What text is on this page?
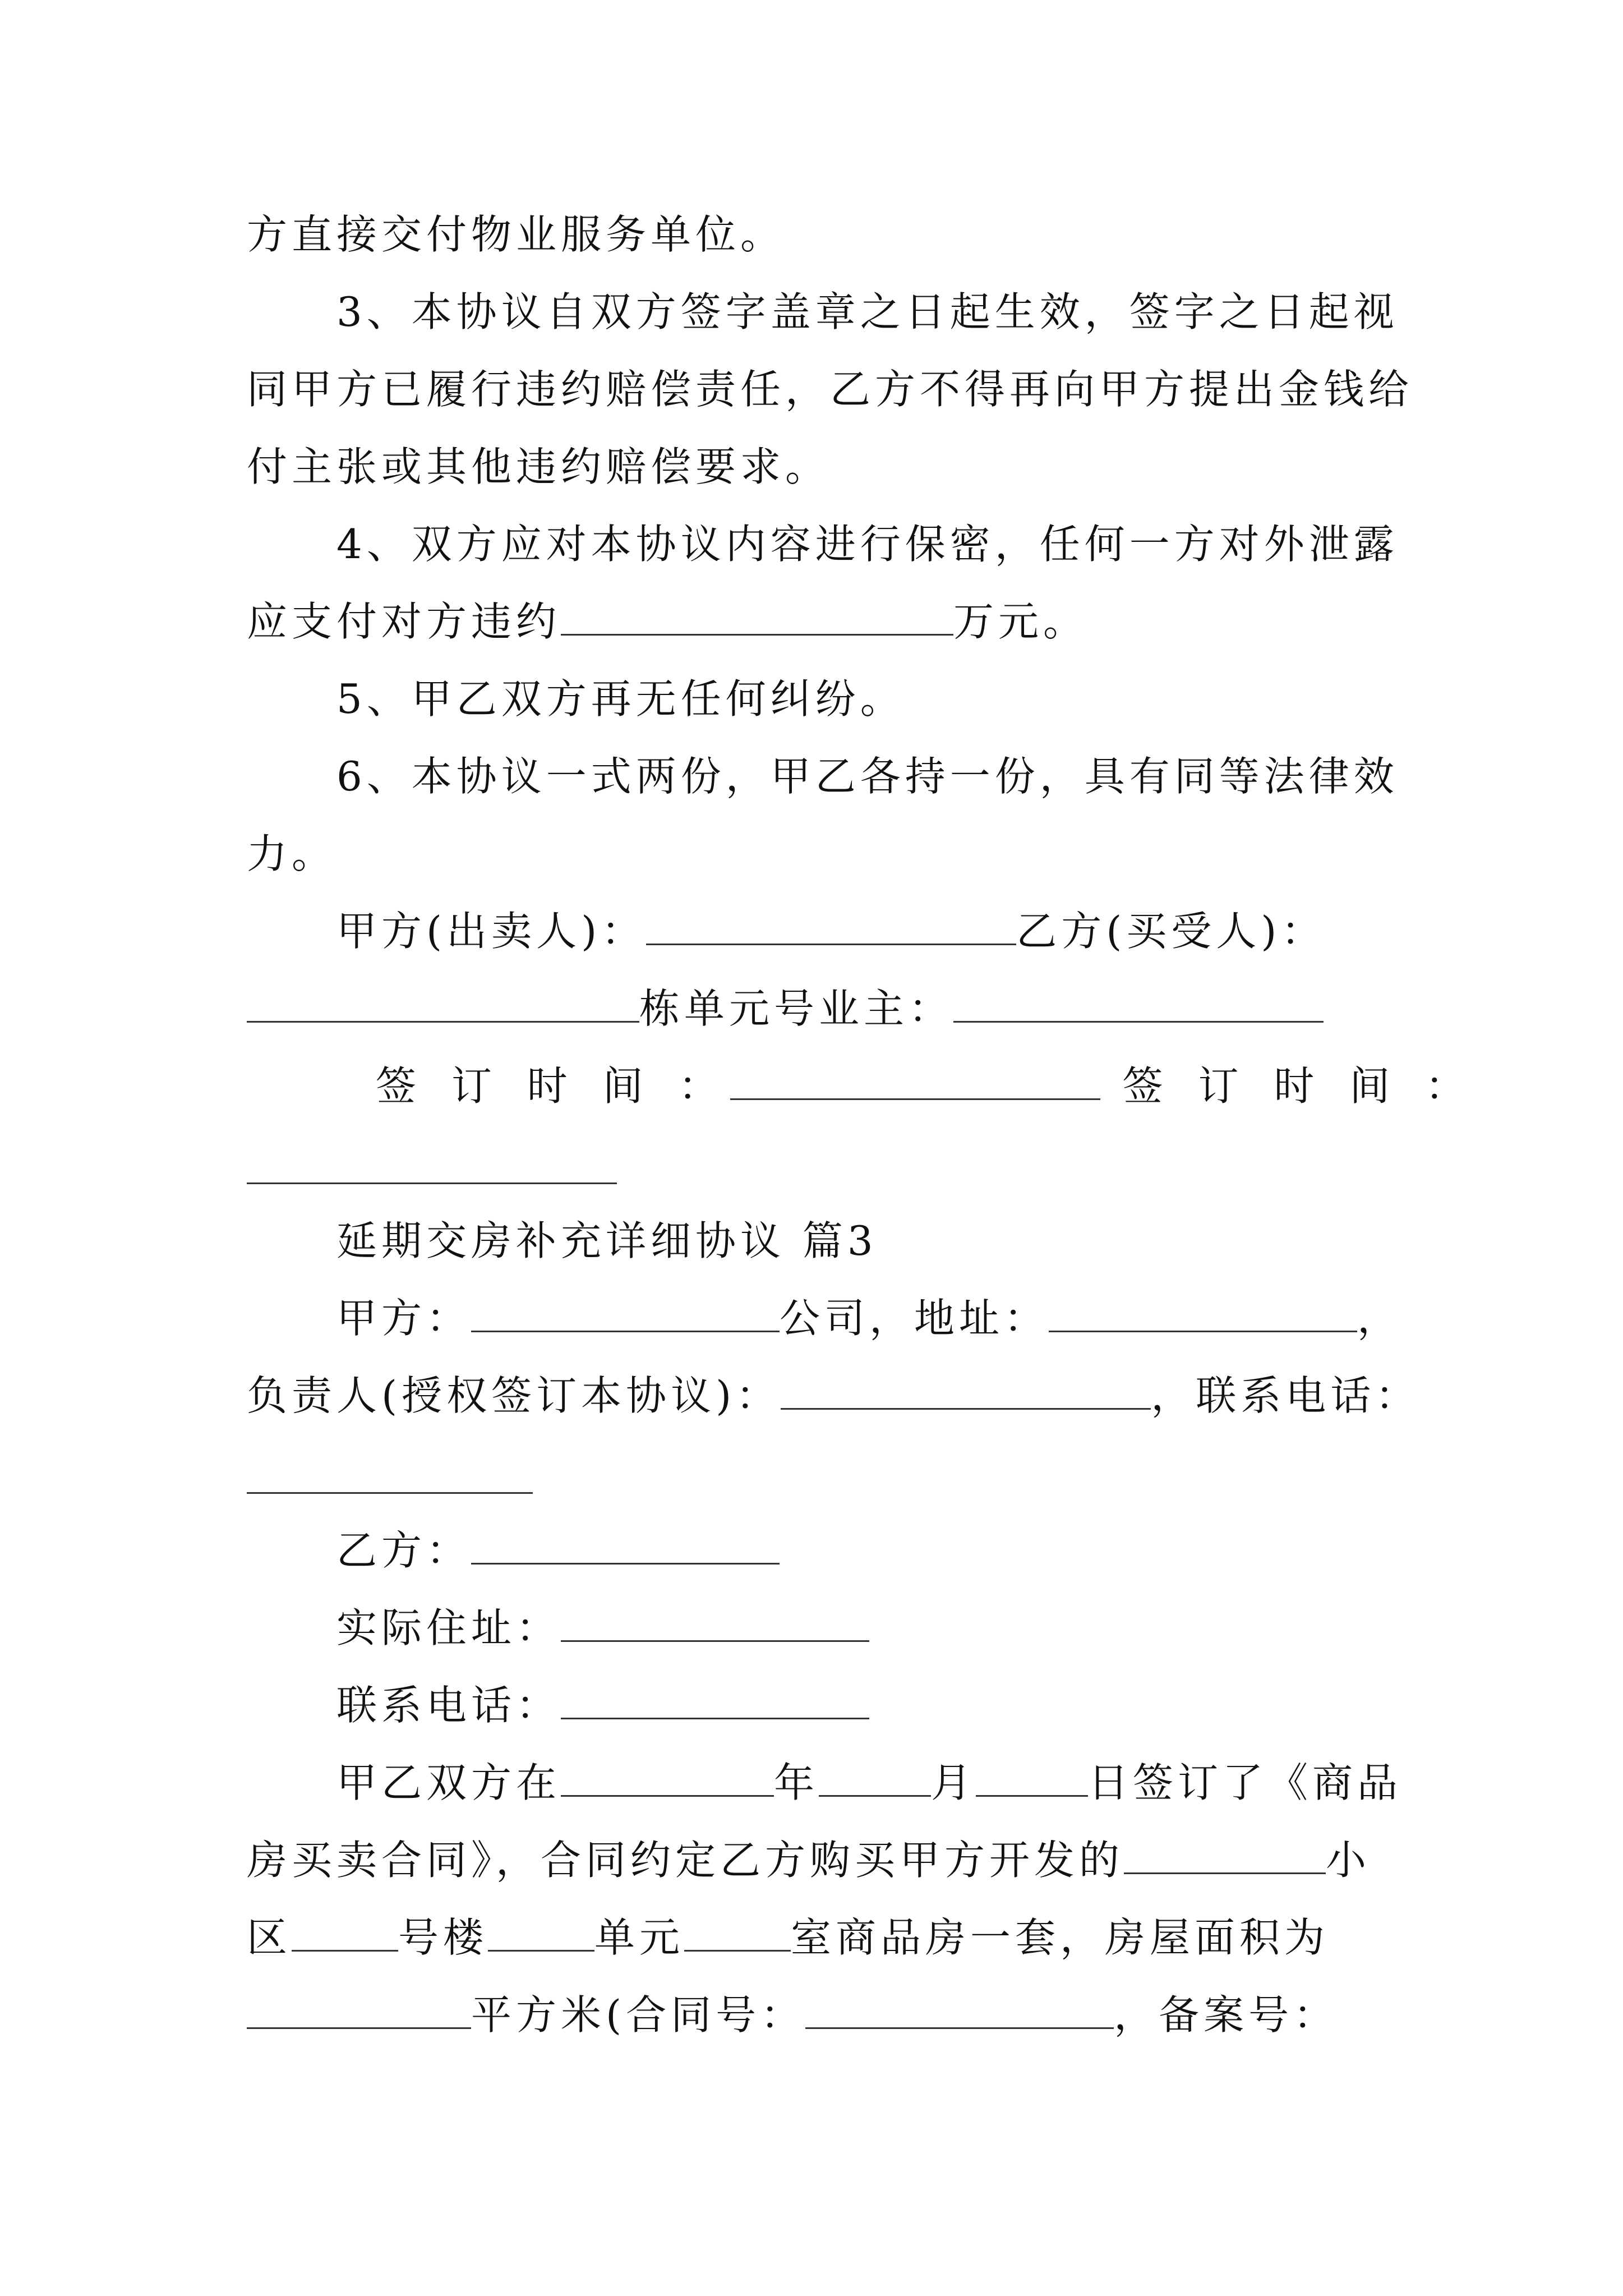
方直接交付物业服务单位。
3、本协议自双方签字盖章之日起生效，签字之日起视
同甲方已履行违约赔偿责任，乙方不得再向甲方提出金钱给
付主张或其他违约赔偿要求。
4、双方应对本协议内容进行保密，任何一方对外泄露
应支付对方违约	万元。
5、甲乙双方再无任何纠纷。
6、本协议一式两份，甲乙各持一份，具有同等法律效
力。
甲方(出卖人)：	乙方(买受人)：
栋单元号业主：
签 订 时 间 ：	签 订 时 间 ：
延期交房补充详细协议 篇3
甲方：	公司，地址：	，
负责人(授权签订本协议)：	，联系电话：
乙方：
实际住址：
联系电话：
甲乙双方在	年	月	日签订了《商品
房买卖合同》，合同约定乙方购买甲方开发的	小
区	号楼	单元	室商品房一套，房屋面积为
平方米(合同号：	，备案号：
